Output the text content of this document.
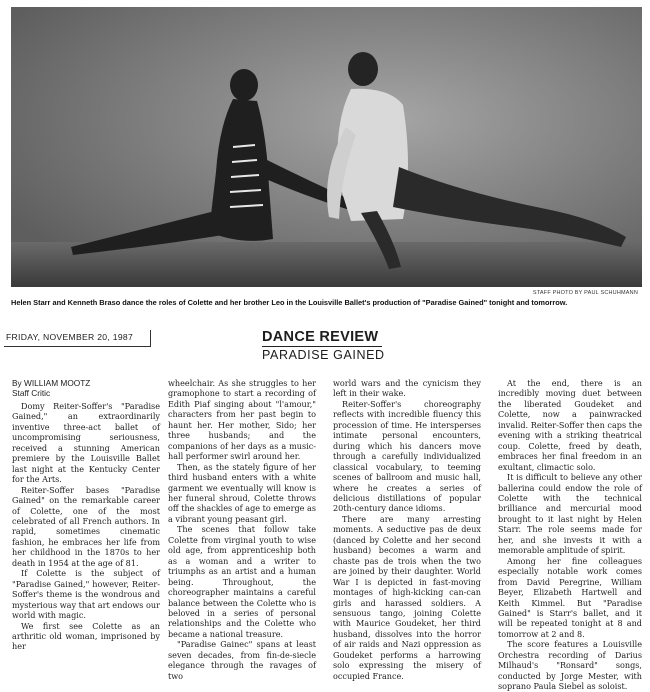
STAFF PHOTO BY PAUL SCHUHMANN
Helen Starr and Kenneth Braso dance the roles of Colette and her brother Leo in the Louisville Ballet's production of "Paradise Gained" tonight and tomorrow.
FRIDAY, NOVEMBER 20, 1987	DANCE REVIEW
PARADISE GAINED
By WILLIAM MOOTZ
Staff Critic

Domy Reiter-Soffer's "Paradise Gained," an extraordinarily inventive three-act ballet of uncompromising seriousness, received a stunning American premiere by the Louisville Ballet last night at the Kentucky Center for the Arts.

Reiter-Soffer bases "Paradise Gained" on the remarkable career of Colette, one of the most celebrated of all French authors. In rapid, sometimes cinematic fashion, he embraces her life from her childhood in the 1870s to her death in 1954 at the age of 81.

If Colette is the subject of "Paradise Gained," however, Reiter-Soffer's theme is the wondrous and mysterious way that art endows our world with magic.

We first see Colette as an arthritic old woman, imprisoned by her

wheelchair. As she struggles to her gramophone to start a recording of Edith Piaf singing about "l'amour," characters from her past begin to haunt her. Her mother, Sido; her three husbands; and the companions of her days as a music-hall performer swirl around her.

Then, as the stately figure of her third husband enters with a white garment we eventually will know is her funeral shroud, Colette throws off the shackles of age to emerge as a vibrant young peasant girl.

The scenes that follow take Colette from virginal youth to wise old age, from apprenticeship both as a woman and a writer to triumphs as an artist and a human being. Throughout, the choreographer maintains a careful balance between the Colette who is beloved in a series of personal relationships and the Colette who became a national treasure.

"Paradise Gainec" spans at least seven decades, from fin-de-siecle elegance through the ravages of two

world wars and the cynicism they left in their wake.

Reiter-Soffer's choreography reflects with incredible fluency this procession of time. He intersperses intimate personal encounters, during which his dancers move through a carefully individualized classical vocabulary, to teeming scenes of ballroom and music hall, where he creates a series of delicious distillations of popular 20th-century dance idioms.

There are many arresting moments. A seductive pas de deux (danced by Colette and her second husband) becomes a warm and chaste pas de trois when the two are joined by their daughter. World War I is depicted in fast-moving montages of high-kicking can-can girls and harassed soldiers. A sensuous tango, joining Colette with Maurice Goudeket, her third husband, dissolves into the horror of air raids and Nazi oppression as Goudeket performs a harrowing solo expressing the misery of occupied France.

At the end, there is an incredibly moving duet between the liberated Goudeket and Colette, now a painwracked invalid. Reiter-Soffer then caps the evening with a striking theatrical coup. Colette, freed by death, embraces her final freedom in an exultant, climactic solo.

It is difficult to believe any other ballerina could endow the role of Colette with the technical brilliance and mercurial mood brought to it last night by Helen Starr. The role seems made for her, and she invests it with a memorable amplitude of spirit.

Among her fine colleagues especially notable work comes from David Peregrine, William Beyer, Elizabeth Hartwell and Keith Kimmel. But "Paradise Gained" is Starr's ballet, and it will be repeated tonight at 8 and tomorrow at 2 and 8.

The score features a Louisville Orchestra recording of Darius Milhaud's "Ronsard" songs, conducted by Jorge Mester, with soprano Paula Siebel as soloist.
